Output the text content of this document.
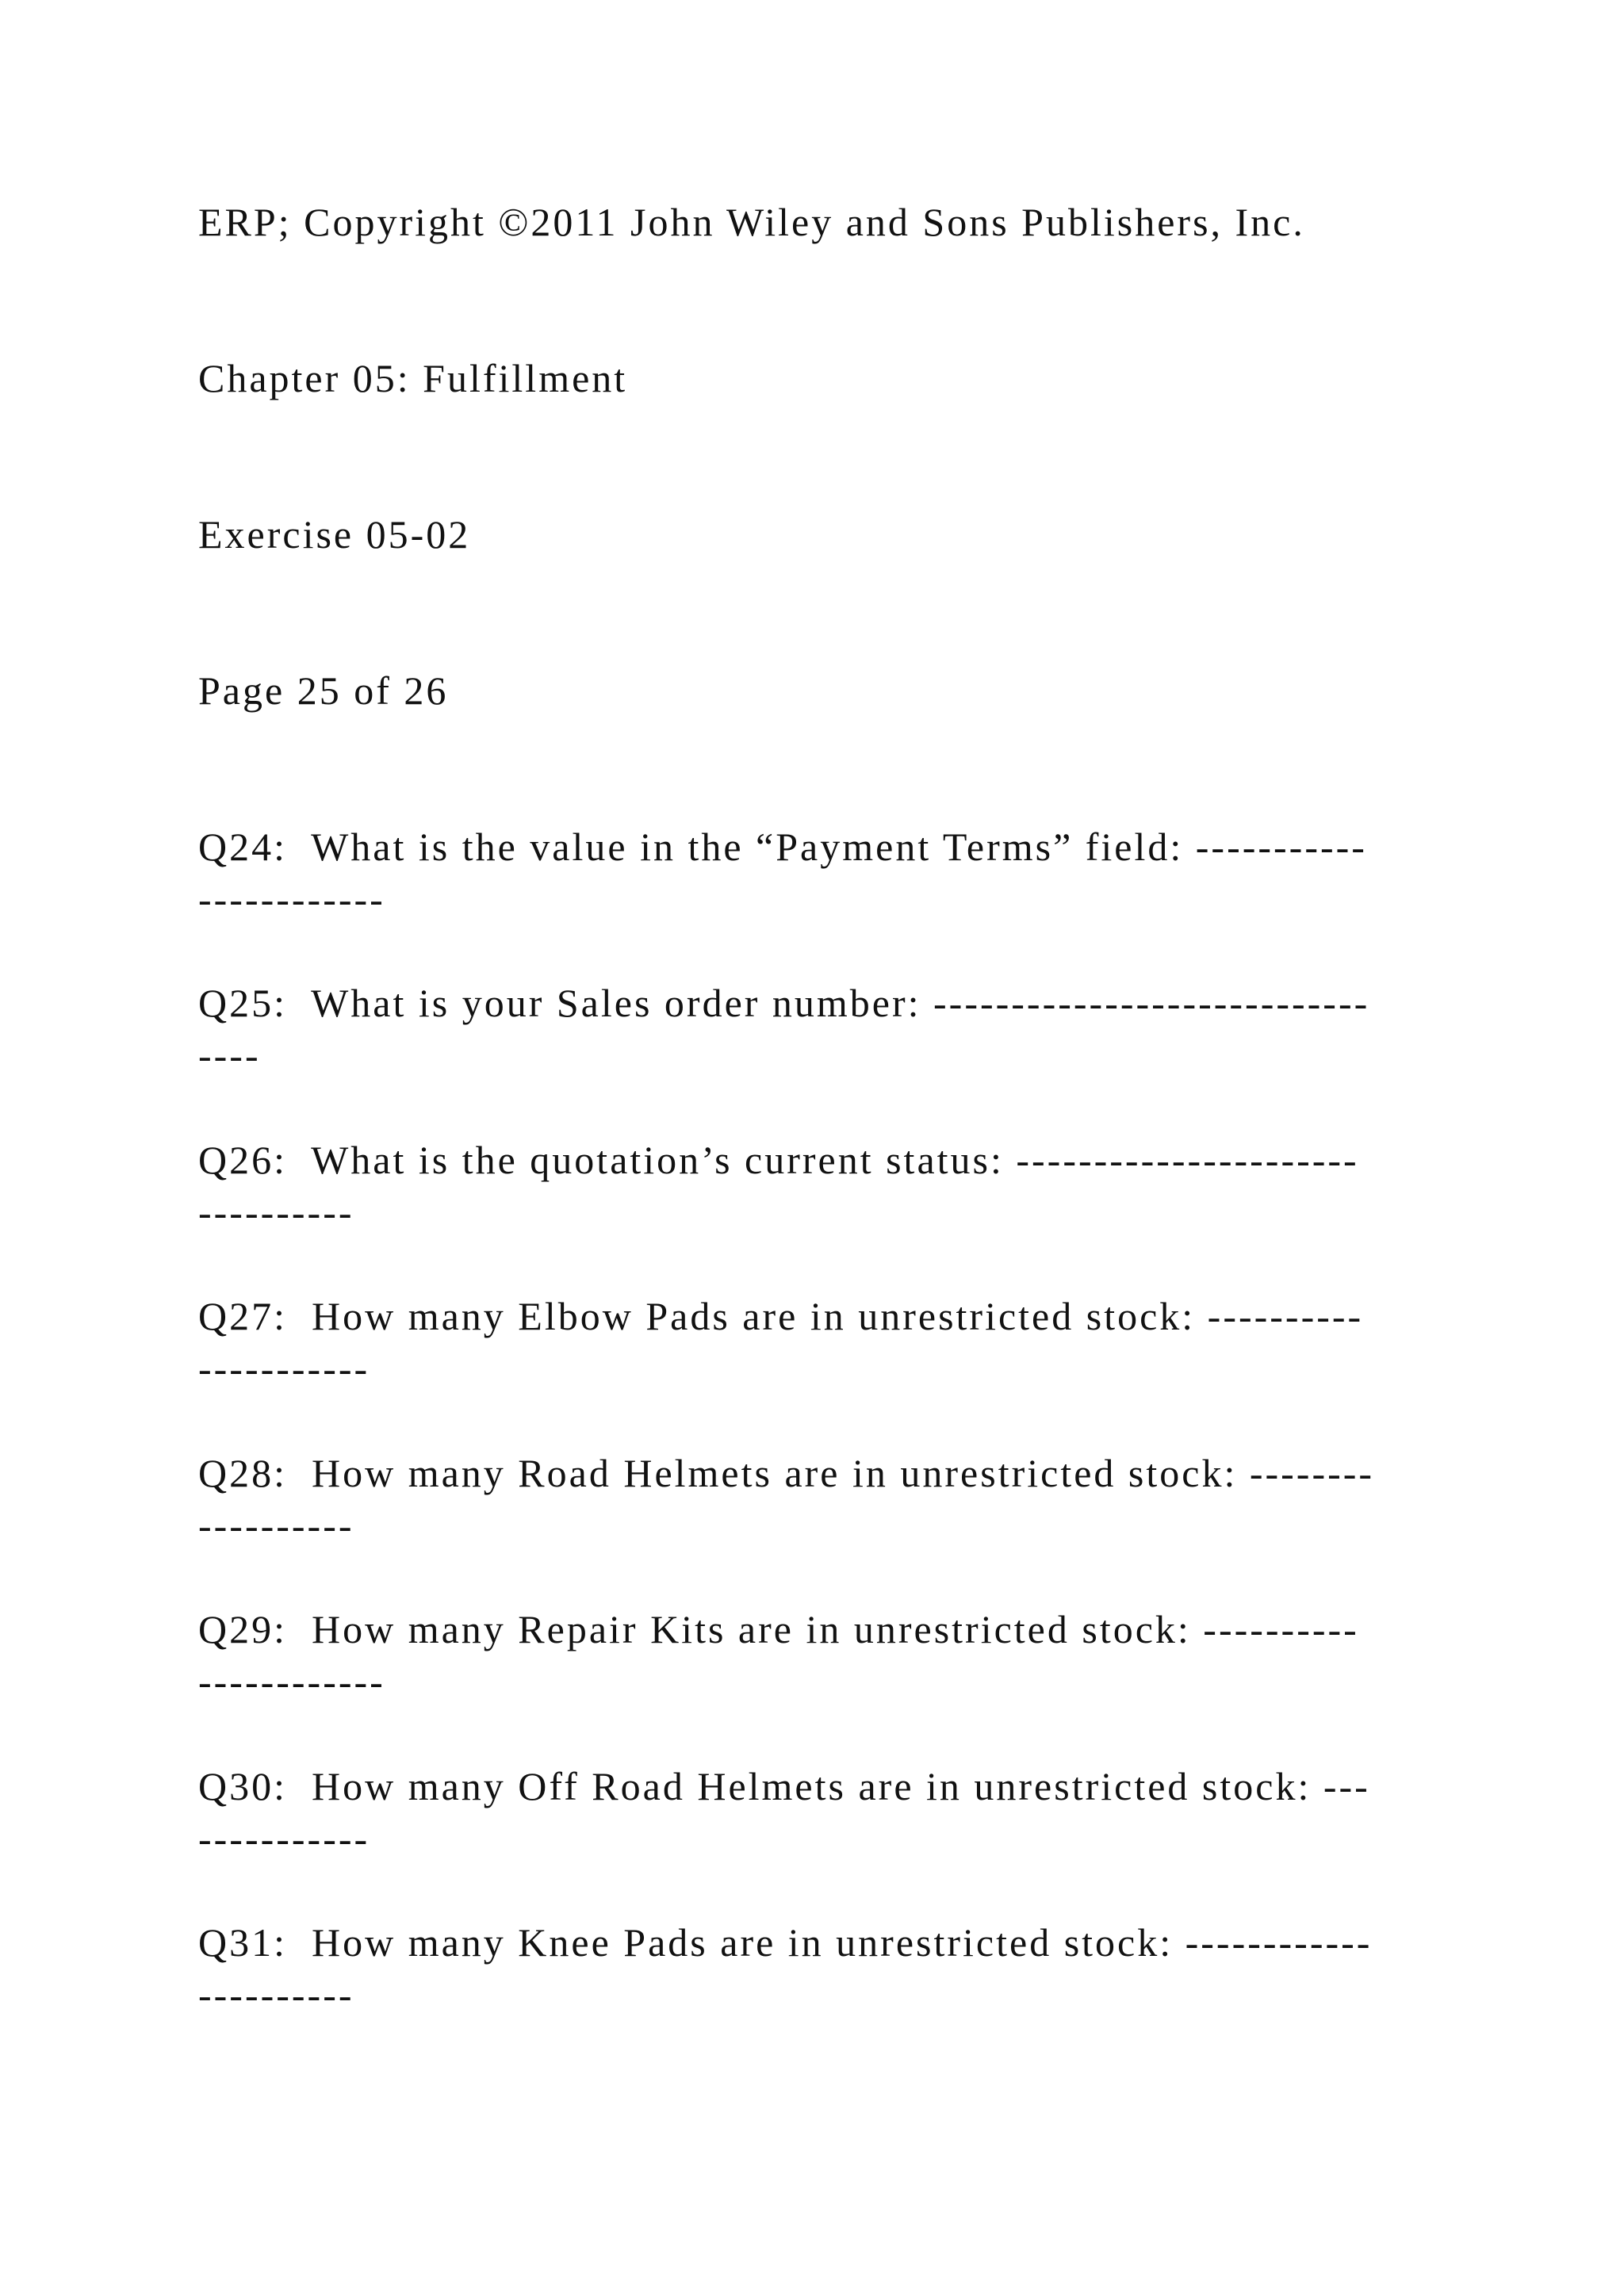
ERP; Copyright ©2011 John Wiley and Sons Publishers, Inc.

Chapter 05: Fulfillment

Exercise 05-02

Page 25 of 26

Q24:  What is the value in the “Payment Terms” field: -----------
------------
Q25:  What is your Sales order number: ----------------------------
----
Q26:  What is the quotation’s current status: ----------------------
----------
Q27:  How many Elbow Pads are in unrestricted stock: ----------
-----------
Q28:  How many Road Helmets are in unrestricted stock: --------
----------
Q29:  How many Repair Kits are in unrestricted stock: ----------
------------
Q30:  How many Off Road Helmets are in unrestricted stock: ---
-----------
Q31:  How many Knee Pads are in unrestricted stock: ------------
----------
